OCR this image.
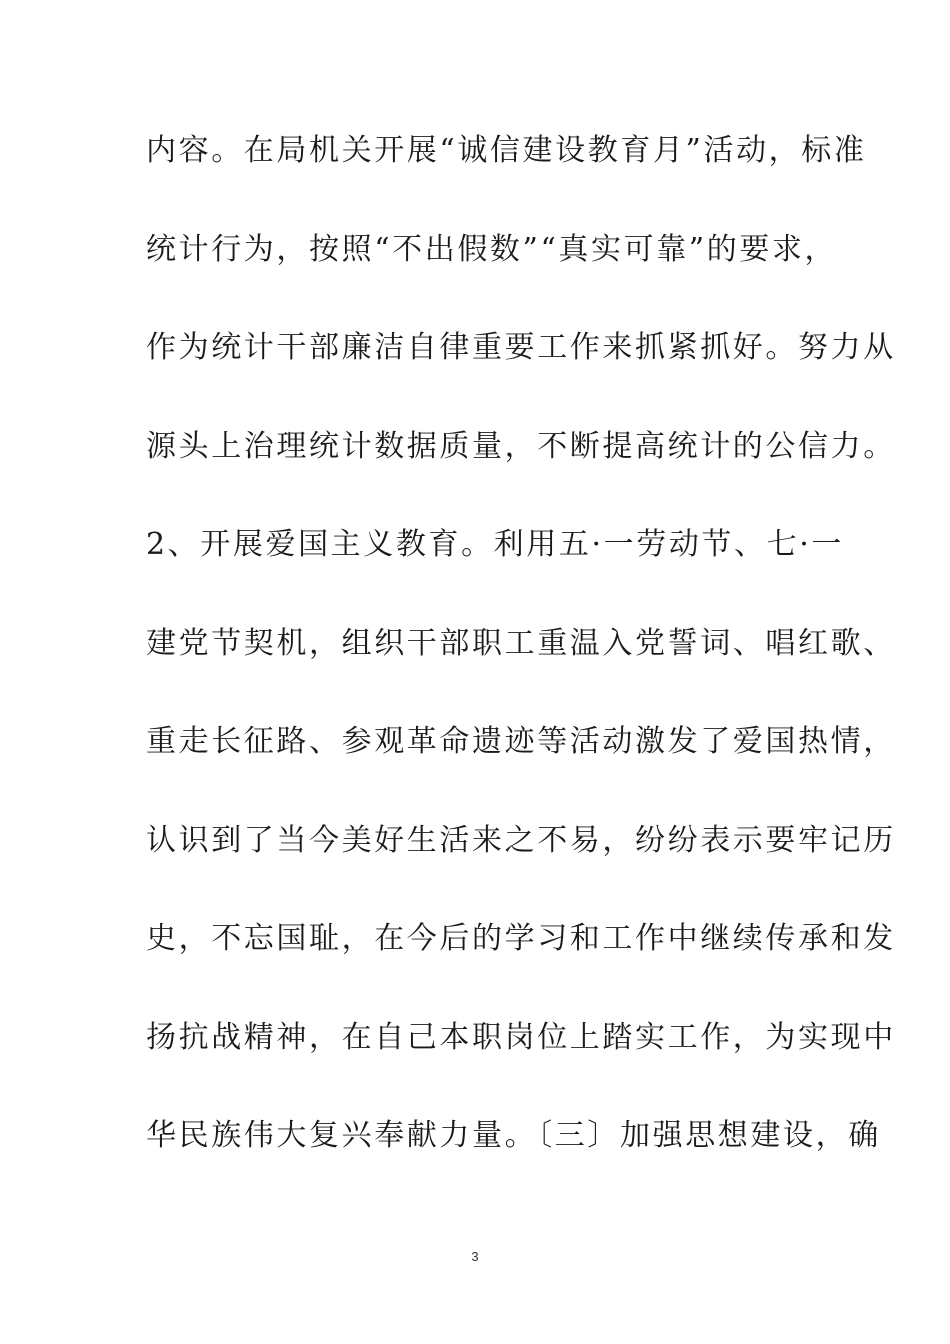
内容。在局机关开展“诚信建设教育月”活动，标准
统计行为，按照“不出假数”“真实可靠”的要求，
作为统计干部廉洁自律重要工作来抓紧抓好。努力从
源头上治理统计数据质量，不断提高统计的公信力。
2、开展爱国主义教育。利用五·一劳动节、七·一
建党节契机，组织干部职工重温入党誓词、唱红歌、
重走长征路、参观革命遗迹等活动激发了爱国热情，
认识到了当今美好生活来之不易，纷纷表示要牢记历
史，不忘国耻，在今后的学习和工作中继续传承和发
扬抗战精神，在自己本职岗位上踏实工作，为实现中
华民族伟大复兴奉献力量。〔三〕加强思想建设，确
3
